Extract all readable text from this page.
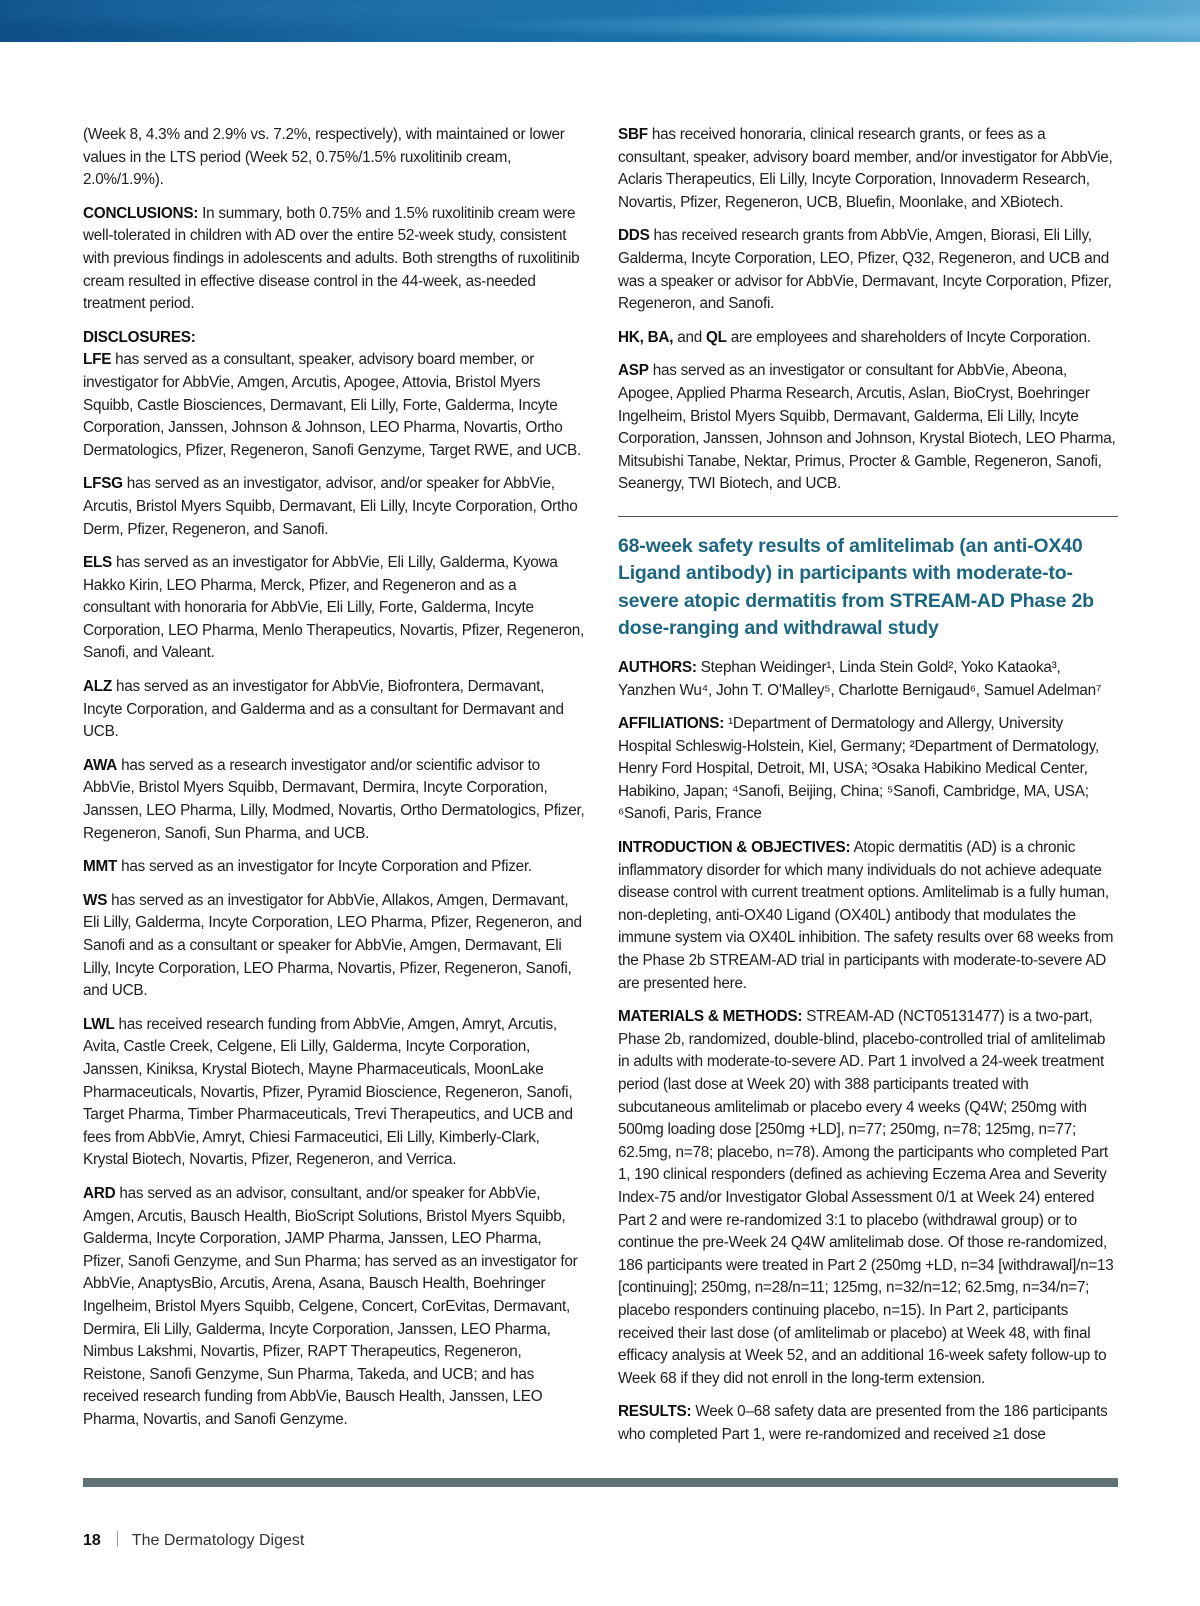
(Week 8, 4.3% and 2.9% vs. 7.2%, respectively), with maintained or lower values in the LTS period (Week 52, 0.75%/1.5% ruxolitinib cream, 2.0%/1.9%).

CONCLUSIONS: In summary, both 0.75% and 1.5% ruxolitinib cream were well-tolerated in children with AD over the entire 52-week study, consistent with previous findings in adolescents and adults. Both strengths of ruxolitinib cream resulted in effective disease control in the 44-week, as-needed treatment period.

DISCLOSURES:

LFE has served as a consultant, speaker, advisory board member, or investigator for AbbVie, Amgen, Arcutis, Apogee, Attovia, Bristol Myers Squibb, Castle Biosciences, Dermavant, Eli Lilly, Forte, Galderma, Incyte Corporation, Janssen, Johnson & Johnson, LEO Pharma, Novartis, Ortho Dermatologics, Pfizer, Regeneron, Sanofi Genzyme, Target RWE, and UCB.

LFSG has served as an investigator, advisor, and/or speaker for AbbVie, Arcutis, Bristol Myers Squibb, Dermavant, Eli Lilly, Incyte Corporation, Ortho Derm, Pfizer, Regeneron, and Sanofi.

ELS has served as an investigator for AbbVie, Eli Lilly, Galderma, Kyowa Hakko Kirin, LEO Pharma, Merck, Pfizer, and Regeneron and as a consultant with honoraria for AbbVie, Eli Lilly, Forte, Galderma, Incyte Corporation, LEO Pharma, Menlo Therapeutics, Novartis, Pfizer, Regeneron, Sanofi, and Valeant.

ALZ has served as an investigator for AbbVie, Biofrontera, Dermavant, Incyte Corporation, and Galderma and as a consultant for Dermavant and UCB.

AWA has served as a research investigator and/or scientific advisor to AbbVie, Bristol Myers Squibb, Dermavant, Dermira, Incyte Corporation, Janssen, LEO Pharma, Lilly, Modmed, Novartis, Ortho Dermatologics, Pfizer, Regeneron, Sanofi, Sun Pharma, and UCB.

MMT has served as an investigator for Incyte Corporation and Pfizer.

WS has served as an investigator for AbbVie, Allakos, Amgen, Dermavant, Eli Lilly, Galderma, Incyte Corporation, LEO Pharma, Pfizer, Regeneron, and Sanofi and as a consultant or speaker for AbbVie, Amgen, Dermavant, Eli Lilly, Incyte Corporation, LEO Pharma, Novartis, Pfizer, Regeneron, Sanofi, and UCB.

LWL has received research funding from AbbVie, Amgen, Amryt, Arcutis, Avita, Castle Creek, Celgene, Eli Lilly, Galderma, Incyte Corporation, Janssen, Kiniksa, Krystal Biotech, Mayne Pharmaceuticals, MoonLake Pharmaceuticals, Novartis, Pfizer, Pyramid Bioscience, Regeneron, Sanofi, Target Pharma, Timber Pharmaceuticals, Trevi Therapeutics, and UCB and fees from AbbVie, Amryt, Chiesi Farmaceutici, Eli Lilly, Kimberly-Clark, Krystal Biotech, Novartis, Pfizer, Regeneron, and Verrica.

ARD has served as an advisor, consultant, and/or speaker for AbbVie, Amgen, Arcutis, Bausch Health, BioScript Solutions, Bristol Myers Squibb, Galderma, Incyte Corporation, JAMP Pharma, Janssen, LEO Pharma, Pfizer, Sanofi Genzyme, and Sun Pharma; has served as an investigator for AbbVie, AnaptysBio, Arcutis, Arena, Asana, Bausch Health, Boehringer Ingelheim, Bristol Myers Squibb, Celgene, Concert, CorEvitas, Dermavant, Dermira, Eli Lilly, Galderma, Incyte Corporation, Janssen, LEO Pharma, Nimbus Lakshmi, Novartis, Pfizer, RAPT Therapeutics, Regeneron, Reistone, Sanofi Genzyme, Sun Pharma, Takeda, and UCB; and has received research funding from AbbVie, Bausch Health, Janssen, LEO Pharma, Novartis, and Sanofi Genzyme.

SBF has received honoraria, clinical research grants, or fees as a consultant, speaker, advisory board member, and/or investigator for AbbVie, Aclaris Therapeutics, Eli Lilly, Incyte Corporation, Innovaderm Research, Novartis, Pfizer, Regeneron, UCB, Bluefin, Moonlake, and XBiotech.

DDS has received research grants from AbbVie, Amgen, Biorasi, Eli Lilly, Galderma, Incyte Corporation, LEO, Pfizer, Q32, Regeneron, and UCB and was a speaker or advisor for AbbVie, Dermavant, Incyte Corporation, Pfizer, Regeneron, and Sanofi.

HK, BA, and QL are employees and shareholders of Incyte Corporation.

ASP has served as an investigator or consultant for AbbVie, Abeona, Apogee, Applied Pharma Research, Arcutis, Aslan, BioCryst, Boehringer Ingelheim, Bristol Myers Squibb, Dermavant, Galderma, Eli Lilly, Incyte Corporation, Janssen, Johnson and Johnson, Krystal Biotech, LEO Pharma, Mitsubishi Tanabe, Nektar, Primus, Procter & Gamble, Regeneron, Sanofi, Seanergy, TWI Biotech, and UCB.

68-week safety results of amlitelimab (an anti-OX40 Ligand antibody) in participants with moderate-to-severe atopic dermatitis from STREAM-AD Phase 2b dose-ranging and withdrawal study

AUTHORS: Stephan Weidinger¹, Linda Stein Gold², Yoko Kataoka³, Yanzhen Wu⁴, John T. O'Malley⁵, Charlotte Bernigaud⁶, Samuel Adelman⁷

AFFILIATIONS: ¹Department of Dermatology and Allergy, University Hospital Schleswig-Holstein, Kiel, Germany; ²Department of Dermatology, Henry Ford Hospital, Detroit, MI, USA; ³Osaka Habikino Medical Center, Habikino, Japan; ⁴Sanofi, Beijing, China; ⁵Sanofi, Cambridge, MA, USA; ⁶Sanofi, Paris, France

INTRODUCTION & OBJECTIVES: Atopic dermatitis (AD) is a chronic inflammatory disorder for which many individuals do not achieve adequate disease control with current treatment options. Amlitelimab is a fully human, non-depleting, anti-OX40 Ligand (OX40L) antibody that modulates the immune system via OX40L inhibition. The safety results over 68 weeks from the Phase 2b STREAM-AD trial in participants with moderate-to-severe AD are presented here.

MATERIALS & METHODS: STREAM-AD (NCT05131477) is a two-part, Phase 2b, randomized, double-blind, placebo-controlled trial of amlitelimab in adults with moderate-to-severe AD. Part 1 involved a 24-week treatment period (last dose at Week 20) with 388 participants treated with subcutaneous amlitelimab or placebo every 4 weeks (Q4W; 250mg with 500mg loading dose [250mg +LD], n=77; 250mg, n=78; 125mg, n=77; 62.5mg, n=78; placebo, n=78). Among the participants who completed Part 1, 190 clinical responders (defined as achieving Eczema Area and Severity Index-75 and/or Investigator Global Assessment 0/1 at Week 24) entered Part 2 and were re-randomized 3:1 to placebo (withdrawal group) or to continue the pre-Week 24 Q4W amlitelimab dose. Of those re-randomized, 186 participants were treated in Part 2 (250mg +LD, n=34 [withdrawal]/n=13 [continuing]; 250mg, n=28/n=11; 125mg, n=32/n=12; 62.5mg, n=34/n=7; placebo responders continuing placebo, n=15). In Part 2, participants received their last dose (of amlitelimab or placebo) at Week 48, with final efficacy analysis at Week 52, and an additional 16-week safety follow-up to Week 68 if they did not enroll in the long-term extension.

RESULTS: Week 0–68 safety data are presented from the 186 participants who completed Part 1, were re-randomized and received ≥1 dose

18 The Dermatology Digest
